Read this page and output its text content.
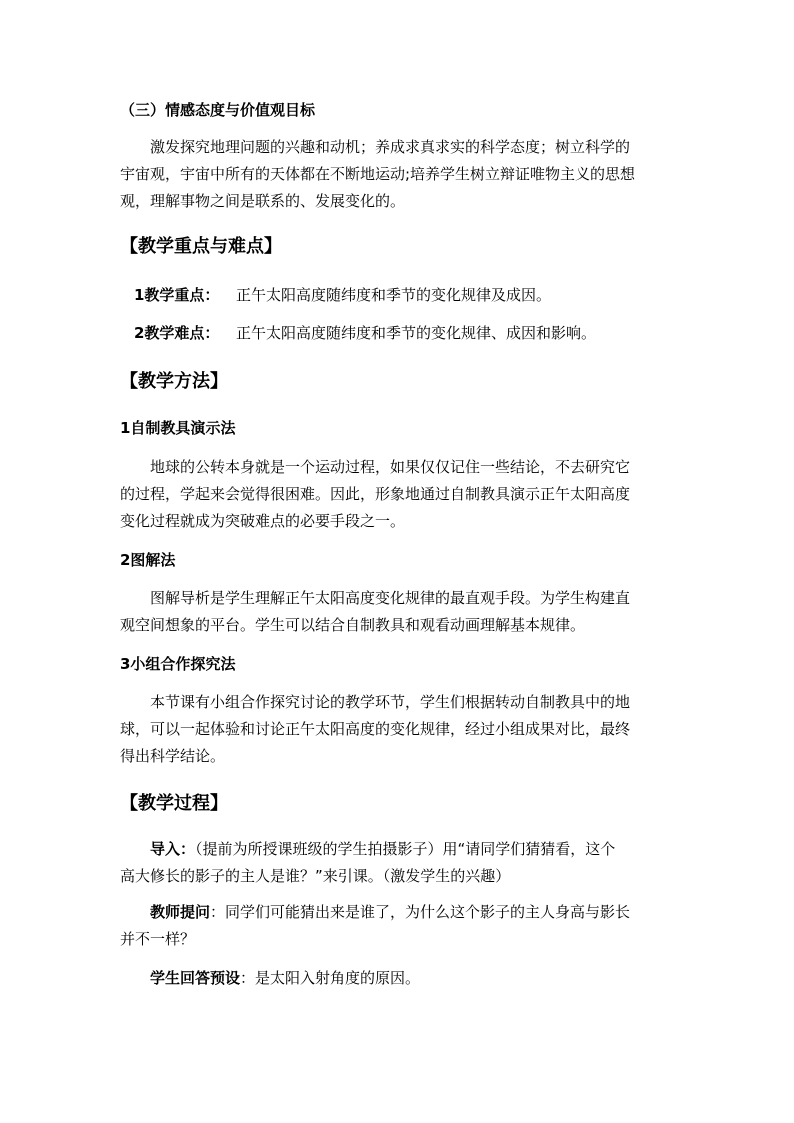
（三）情感态度与价值观目标
激发探究地理问题的兴趣和动机；养成求真求实的科学态度；树立科学的
宇宙观，宇宙中所有的天体都在不断地运动;培养学生树立辩证唯物主义的思想
观，理解事物之间是联系的、发展变化的。
【教学重点与难点】
1教学重点： 正午太阳高度随纬度和季节的变化规律及成因。
2教学难点： 正午太阳高度随纬度和季节的变化规律、成因和影响。
【教学方法】
1自制教具演示法
地球的公转本身就是一个运动过程，如果仅仅记住一些结论，不去研究它
的过程，学起来会觉得很困难。因此，形象地通过自制教具演示正午太阳高度
变化过程就成为突破难点的必要手段之一。
2图解法
图解导析是学生理解正午太阳高度变化规律的最直观手段。为学生构建直
观空间想象的平台。学生可以结合自制教具和观看动画理解基本规律。
3小组合作探究法
本节课有小组合作探究讨论的教学环节，学生们根据转动自制教具中的地
球，可以一起体验和讨论正午太阳高度的变化规律，经过小组成果对比，最终
得出科学结论。
【教学过程】
导入：（提前为所授课班级的学生拍摄影子）用“请同学们猜猜看，这个
高大修长的影子的主人是谁？”来引课。（激发学生的兴趣）
教师提问：同学们可能猜出来是谁了，为什么这个影子的主人身高与影长
并不一样？
学生回答预设：是太阳入射角度的原因。
